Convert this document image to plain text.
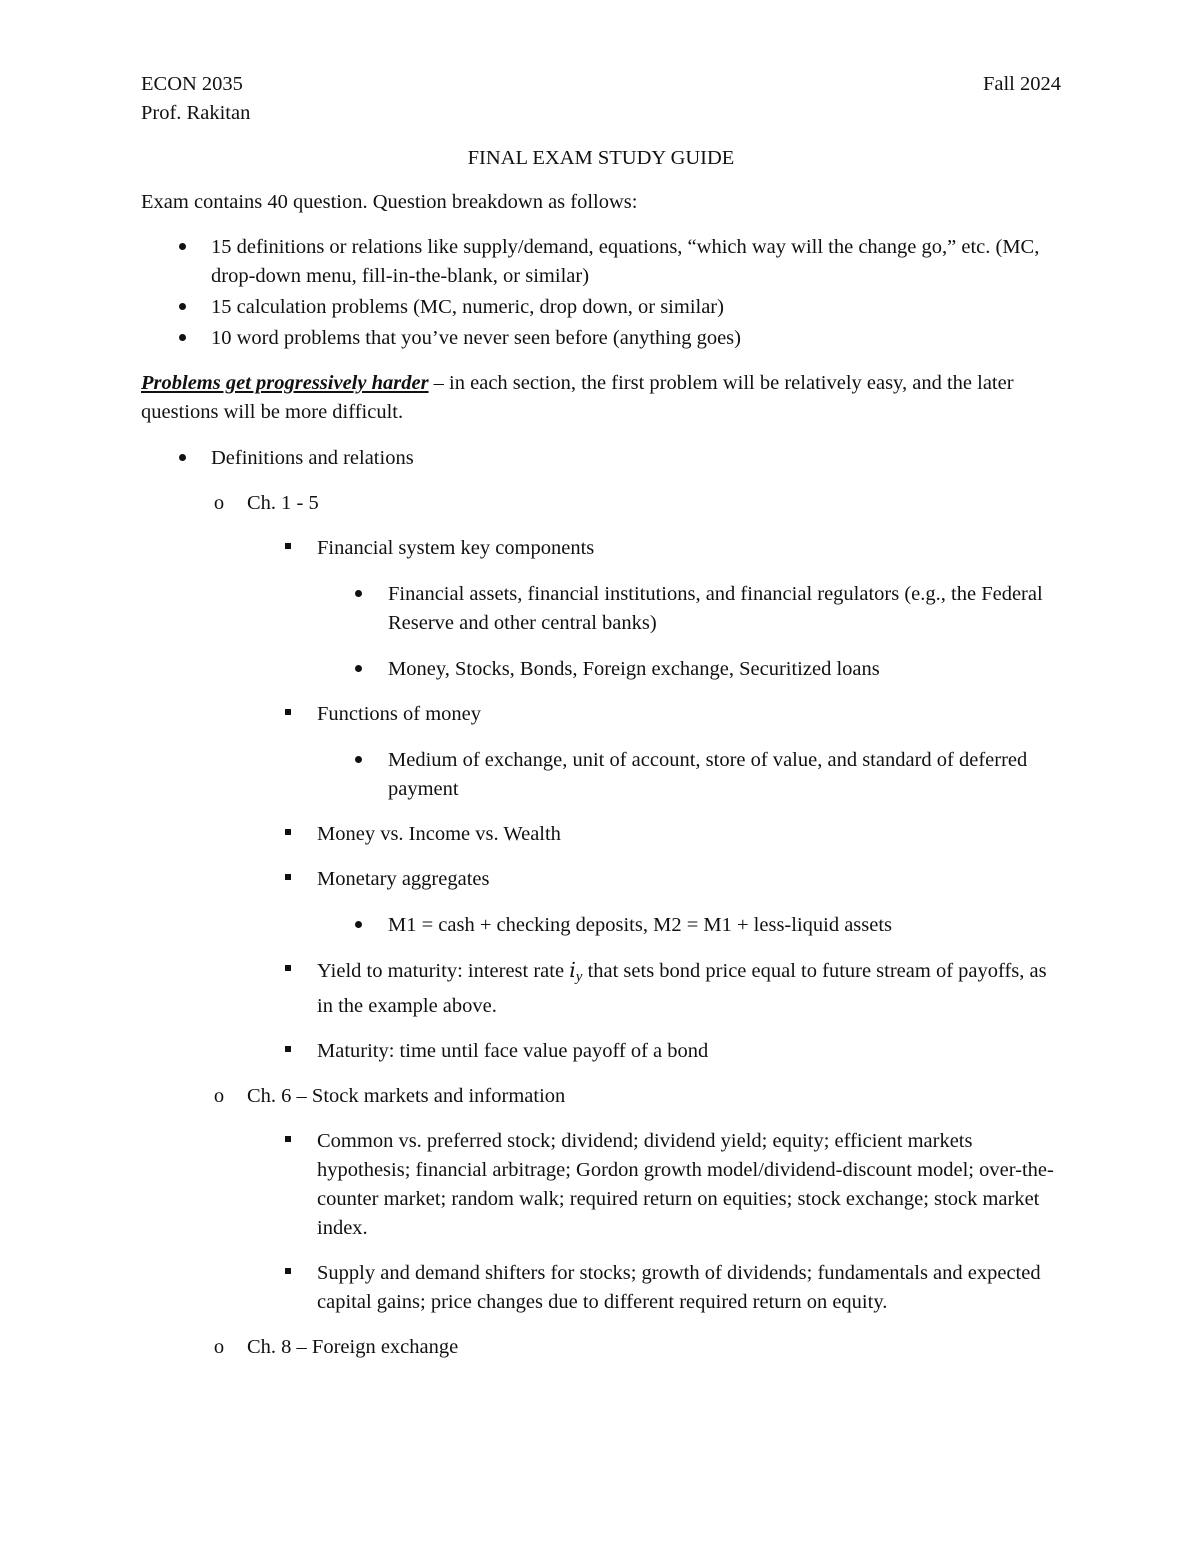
ECON 2035	Fall 2024
Prof. Rakitan
FINAL EXAM STUDY GUIDE
Exam contains 40 question. Question breakdown as follows:
15 definitions or relations like supply/demand, equations, “which way will the change go,” etc. (MC, drop-down menu, fill-in-the-blank, or similar)
15 calculation problems (MC, numeric, drop down, or similar)
10 word problems that you’ve never seen before (anything goes)
Problems get progressively harder – in each section, the first problem will be relatively easy, and the later questions will be more difficult.
Definitions and relations
o Ch. 1 - 5
Financial system key components
Financial assets, financial institutions, and financial regulators (e.g., the Federal Reserve and other central banks)
Money, Stocks, Bonds, Foreign exchange, Securitized loans
Functions of money
Medium of exchange, unit of account, store of value, and standard of deferred payment
Money vs. Income vs. Wealth
Monetary aggregates
M1 = cash + checking deposits, M2 = M1 + less-liquid assets
Yield to maturity: interest rate $i_y$ that sets bond price equal to future stream of payoffs, as in the example above.
Maturity: time until face value payoff of a bond
o Ch. 6 – Stock markets and information
Common vs. preferred stock; dividend; dividend yield; equity; efficient markets hypothesis; financial arbitrage; Gordon growth model/dividend-discount model; over-the-counter market; random walk; required return on equities; stock exchange; stock market index.
Supply and demand shifters for stocks; growth of dividends; fundamentals and expected capital gains; price changes due to different required return on equity.
o Ch. 8 – Foreign exchange
